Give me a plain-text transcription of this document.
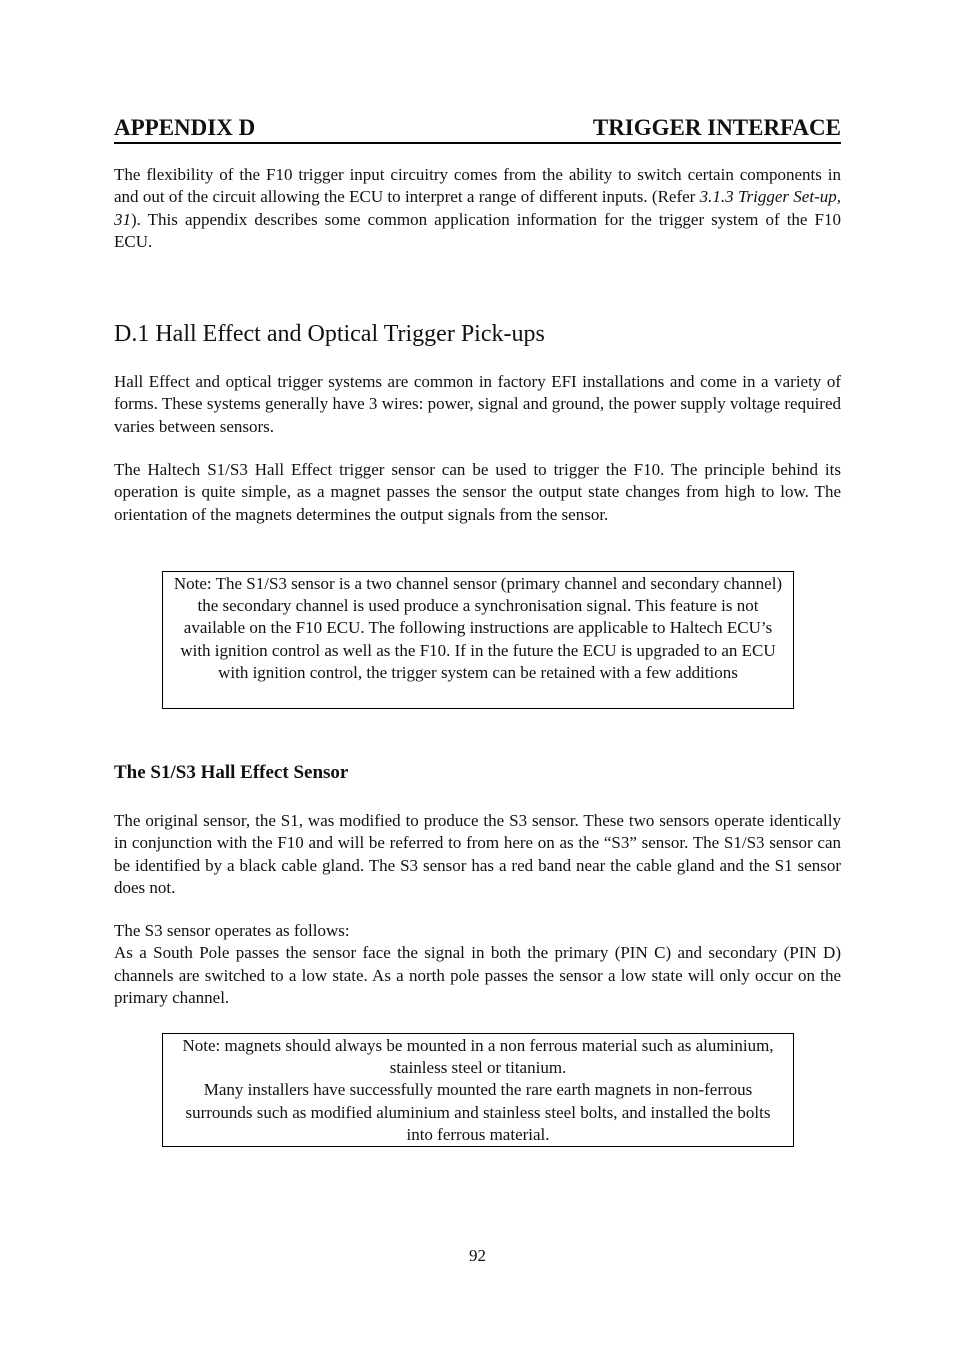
APPENDIX D	TRIGGER INTERFACE

The flexibility of the F10 trigger input circuitry comes from the ability to switch certain components in and out of the circuit allowing the ECU to interpret a range of different inputs. (Refer 3.1.3 Trigger Set-up, 31). This appendix describes some common application information for the trigger system of the F10 ECU.

D.1 Hall Effect and Optical Trigger Pick-ups

Hall Effect and optical trigger systems are common in factory EFI installations and come in a variety of forms. These systems generally have 3 wires: power, signal and ground, the power supply voltage required varies between sensors.

The Haltech S1/S3 Hall Effect trigger sensor can be used to trigger the F10. The principle behind its operation is quite simple, as a magnet passes the sensor the output state changes from high to low. The orientation of the magnets determines the output signals from the sensor.

Note: The S1/S3 sensor is a two channel sensor (primary channel and secondary channel) the secondary channel is used produce a synchronisation signal. This feature is not available on the F10 ECU. The following instructions are applicable to Haltech ECU’s with ignition control as well as the F10. If in the future the ECU is upgraded to an ECU with ignition control, the trigger system can be retained with a few additions

The S1/S3 Hall Effect Sensor

The original sensor, the S1, was modified to produce the S3 sensor. These two sensors operate identically in conjunction with the F10 and will be referred to from here on as the “S3” sensor. The S1/S3 sensor can be identified by a black cable gland. The S3 sensor has a red band near the cable gland and the S1 sensor does not.

The S3 sensor operates as follows:
As a South Pole passes the sensor face the signal in both the primary (PIN C) and secondary (PIN D) channels are switched to a low state. As a north pole passes the sensor a low state will only occur on the primary channel.

Note: magnets should always be mounted in a non ferrous material such as aluminium, stainless steel or titanium.

Many installers have successfully mounted the rare earth magnets in non-ferrous surrounds such as modified aluminium and stainless steel bolts, and installed the bolts into ferrous material.

92
